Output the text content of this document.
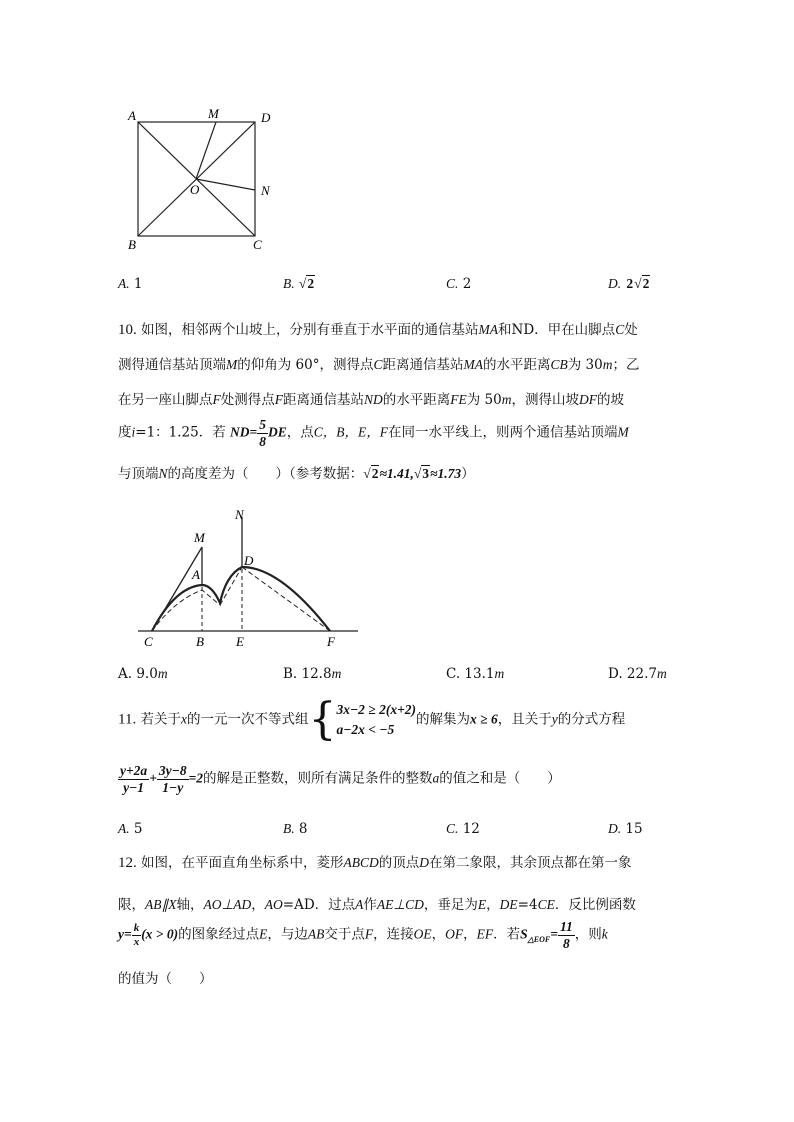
A	M	D
O	N
B	C
A. 1	B. √2	C. 2	D. 2√2
10. 如图，相邻两个山坡上，分别有垂直于水平面的通信基站MA和ND．甲在山脚点C处
测得通信基站顶端M的仰角为 60°，测得点C距离通信基站MA的水平距离CB为 30m；乙
在另一座山脚点F处测得点F距离通信基站ND的水平距离FE为 50m，测得山坡DF的坡
度i=1：1.25．若 $ND= \frac{5}{8}$ DE，点C，B，E，F在同一水平线上，则两个通信基站顶端M
与顶端N的高度差为（　　）（参考数据：√2≈1.41,√3≈1.73）
N
M
D
A
C	B E	F
A. 9.0m	B. 12.8m	C. 13.1m	D. 22.7m
11. 若关于x的一元一次不等式组{ 3x−2 ≥ 2(x+2)
a−2x < −5
的解集为x ≥ 6，且关于y的分式方程
$\frac{y+2a}{y-1} + \frac{3y-8}{1-y} =2$的解是正整数，则所有满足条件的整数a的值之和是（　　）
A. 5	B. 8	C. 12	D. 15
12. 如图，在平面直角坐标系中，菱形ABCD的顶点D在第二象限，其余顶点都在第一象
限，AB∥X轴，AO⊥AD，AO=AD．过点A作AE⊥CD，垂足为E，DE=4CE．反比例函数
$y= \frac{k}{x} (x > 0)$的图象经过点E，与边AB交于点F，连接OE，OF，EF．若$S_{\triangle EOF}= \frac{11}{8}$ ，则k
的值为（　　）
